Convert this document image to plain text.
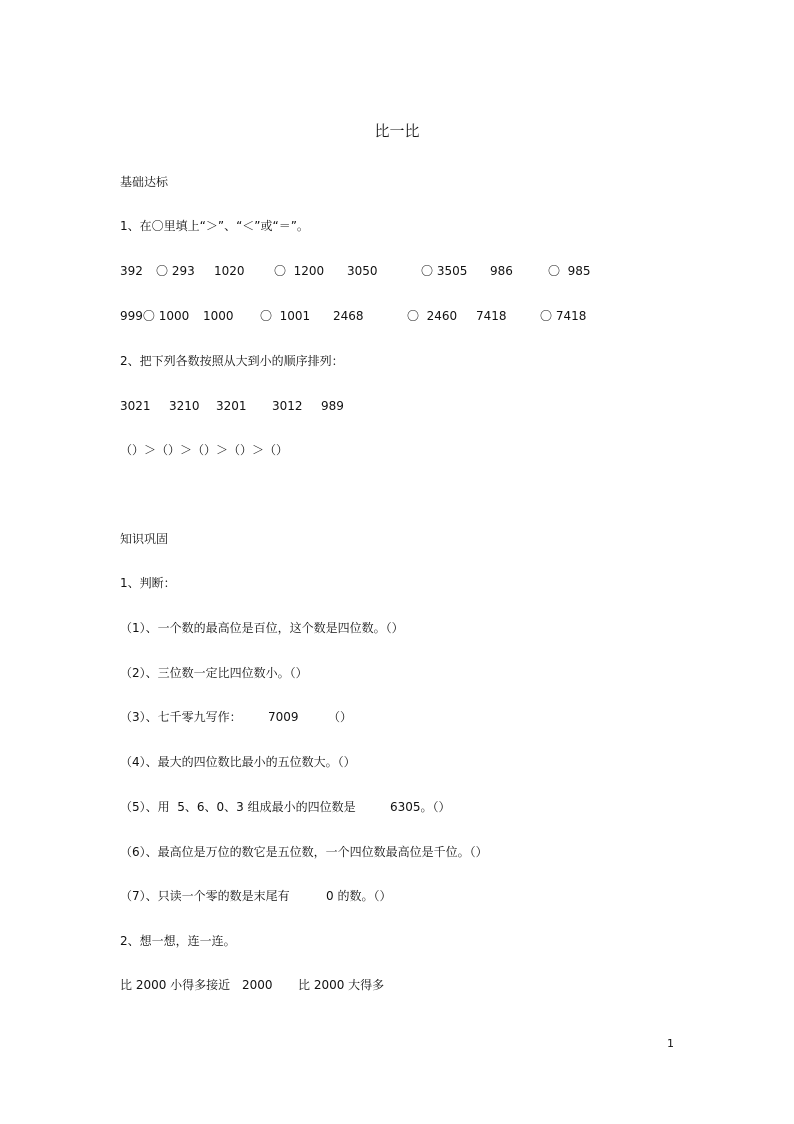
比一比
基础达标
1、在〇里填上“＞”、“＜”或“＝”。
392 〇 293 1020 〇  1200 3050	〇 3505 986	〇  985
999〇 1000 1000 〇  1001 2468	〇  2460 7418	〇 7418
2、把下列各数按照从大到小的顺序排列：
3021 3210 3201 3012 989
（）＞（）＞（）＞（）＞（）
知识巩固
1、判断：
（1）、一个数的最高位是百位，这个数是四位数。（）
（2）、三位数一定比四位数小。（）
（3）、七千零九写作： 7009 （）
（4）、最大的四位数比最小的五位数大。（）
（5）、用  5、6、0、3 组成最小的四位数是	6305。（）
（6）、最高位是万位的数它是五位数，一个四位数最高位是千位。（）
（7）、只读一个零的数是末尾有	0 的数。（）
2、想一想，连一连。
比 2000 小得多接近 2000 比 2000 大得多
1
